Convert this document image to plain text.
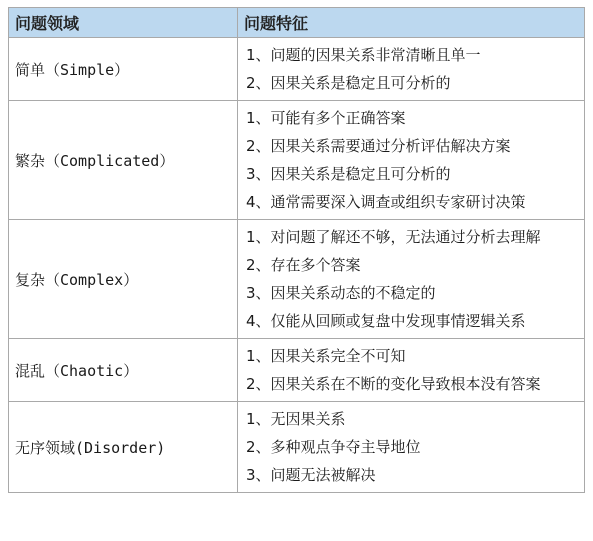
问题领域	问题特征
简单（Simple）	1、问题的因果关系非常清晰且单一
2、因果关系是稳定且可分析的

繁杂（Complicated）	1、可能有多个正确答案
2、因果关系需要通过分析评估解决方案
3、因果关系是稳定且可分析的
4、通常需要深入调查或组织专家研讨决策

复杂（Complex）	1、对问题了解还不够，无法通过分析去理解
2、存在多个答案
3、因果关系动态的不稳定的
4、仅能从回顾或复盘中发现事情逻辑关系

混乱（Chaotic）	1、因果关系完全不可知
2、因果关系在不断的变化导致根本没有答案

无序领域(Disorder)	1、无因果关系
2、多种观点争夺主导地位
3、问题无法被解决
